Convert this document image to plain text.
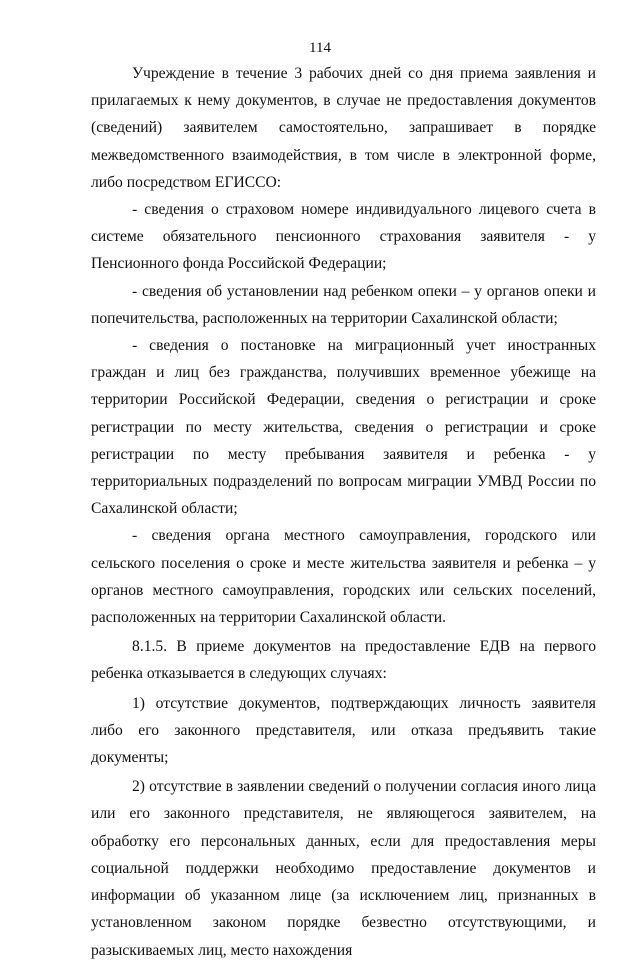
114

Учреждение в течение 3 рабочих дней со дня приема заявления и прилагаемых к нему документов, в случае не предоставления документов (сведений) заявителем самостоятельно, запрашивает в порядке межведомственного взаимодействия, в том числе в электронной форме, либо посредством ЕГИССО:

- сведения о страховом номере индивидуального лицевого счета в системе обязательного пенсионного страхования заявителя - у Пенсионного фонда Российской Федерации;

- сведения об установлении над ребенком опеки – у органов опеки и попечительства, расположенных на территории Сахалинской области;

- сведения о постановке на миграционный учет иностранных граждан и лиц без гражданства, получивших временное убежище на территории Российской Федерации, сведения о регистрации и сроке регистрации по месту жительства, сведения о регистрации и сроке регистрации по месту пребывания заявителя и ребенка - у территориальных подразделений по вопросам миграции УМВД России по Сахалинской области;

- сведения органа местного самоуправления, городского или сельского поселения о сроке и месте жительства заявителя и ребенка – у органов местного самоуправления, городских или сельских поселений, расположенных на территории Сахалинской области.

8.1.5. В приеме документов на предоставление ЕДВ на первого ребенка отказывается в следующих случаях:

1) отсутствие документов, подтверждающих личность заявителя либо его законного представителя, или отказа предъявить такие документы;

2) отсутствие в заявлении сведений о получении согласия иного лица или его законного представителя, не являющегося заявителем, на обработку его персональных данных, если для предоставления меры социальной поддержки необходимо предоставление документов и информации об указанном лице (за исключением лиц, признанных в установленном законом порядке безвестно отсутствующими, и разыскиваемых лиц, место нахождения
